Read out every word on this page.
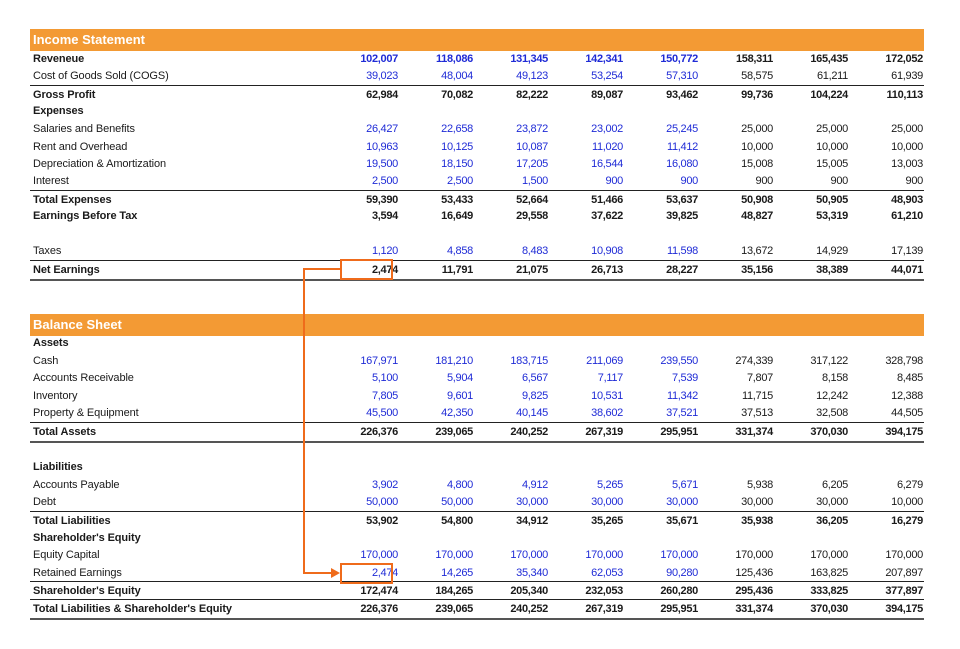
Income Statement
Reveneue	102,007	118,086	131,345	142,341	150,772	158,311	165,435	172,052
Cost of Goods Sold (COGS)	39,023	48,004	49,123	53,254	57,310	58,575	61,211	61,939
Gross Profit	62,984	70,082	82,222	89,087	93,462	99,736	104,224	110,113
Expenses
Salaries and Benefits	26,427	22,658	23,872	23,002	25,245	25,000	25,000	25,000
Rent and Overhead	10,963	10,125	10,087	11,020	11,412	10,000	10,000	10,000
Depreciation & Amortization	19,500	18,150	17,205	16,544	16,080	15,008	15,005	13,003
Interest	2,500	2,500	1,500	900	900	900	900	900
Total Expenses	59,390	53,433	52,664	51,466	53,637	50,908	50,905	48,903
Earnings Before Tax	3,594	16,649	29,558	37,622	39,825	48,827	53,319	61,210
Taxes	1,120	4,858	8,483	10,908	11,598	13,672	14,929	17,139
Net Earnings	2,474	11,791	21,075	26,713	28,227	35,156	38,389	44,071
Balance Sheet
Assets
Cash	167,971	181,210	183,715	211,069	239,550	274,339	317,122	328,798
Accounts Receivable	5,100	5,904	6,567	7,117	7,539	7,807	8,158	8,485
Inventory	7,805	9,601	9,825	10,531	11,342	11,715	12,242	12,388
Property & Equipment	45,500	42,350	40,145	38,602	37,521	37,513	32,508	44,505
Total Assets	226,376	239,065	240,252	267,319	295,951	331,374	370,030	394,175
Liabilities
Accounts Payable	3,902	4,800	4,912	5,265	5,671	5,938	6,205	6,279
Debt	50,000	50,000	30,000	30,000	30,000	30,000	30,000	10,000
Total Liabilities	53,902	54,800	34,912	35,265	35,671	35,938	36,205	16,279
Shareholder's Equity
Equity Capital	170,000	170,000	170,000	170,000	170,000	170,000	170,000	170,000
Retained Earnings	2,474	14,265	35,340	62,053	90,280	125,436	163,825	207,897
Shareholder's Equity	172,474	184,265	205,340	232,053	260,280	295,436	333,825	377,897
Total Liabilities & Shareholder's Equity	226,376	239,065	240,252	267,319	295,951	331,374	370,030	394,175
